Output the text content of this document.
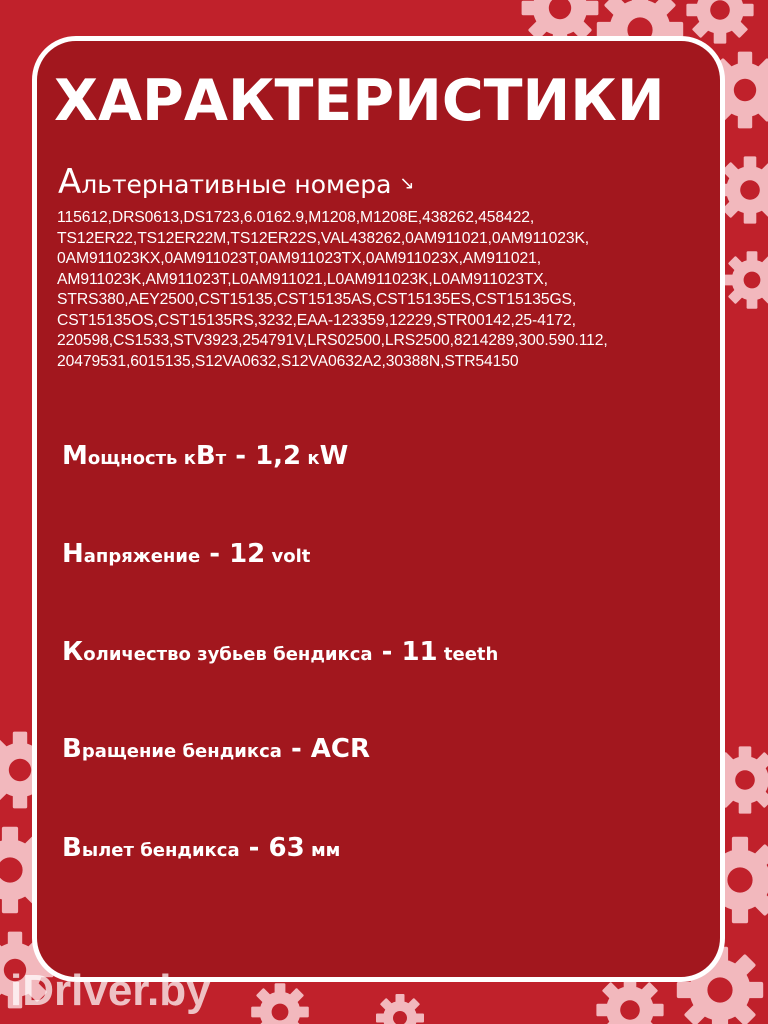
ХАРАКТЕРИСТИКИ
Альтернативные номера ↘
115612,DRS0613,DS1723,6.0162.9,M1208,M1208E,438262,458422,
TS12ER22,TS12ER22M,TS12ER22S,VAL438262,0AM911021,0AM911023K,
0AM911023KX,0AM911023T,0AM911023TX,0AM911023X,AM911021,
AM911023K,AM911023T,L0AM911021,L0AM911023K,L0AM911023TX,
STRS380,AEY2500,CST15135,CST15135AS,CST15135ES,CST15135GS,
CST15135OS,CST15135RS,3232,EAA-123359,12229,STR00142,25-4172,
220598,CS1533,STV3923,254791V,LRS02500,LRS2500,8214289,300.590.112,
20479531,6015135,S12VA0632,S12VA0632A2,30388N,STR54150
Мощность кВт - 1,2 кW
Напряжение - 12 volt
Количество зубьев бендикса - 11 teeth
Вращение бендикса - ACR
Вылет бендикса - 63 мм
iDriver.by
